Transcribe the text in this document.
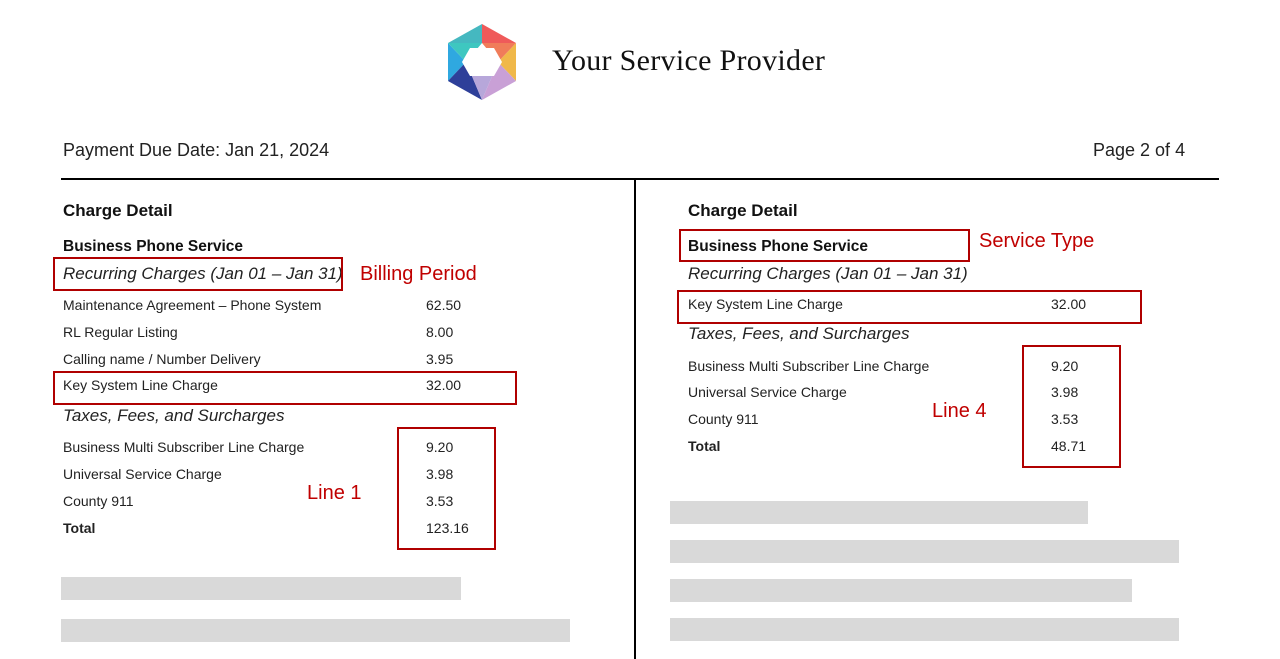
Your Service Provider
Payment Due Date: Jan 21, 2024	Page 2 of 4
Charge Detail
Business Phone Service
Recurring Charges (Jan 01 – Jan 31)
Maintenance Agreement – Phone System	62.50
RL Regular Listing	8.00
Calling name / Number Delivery	3.95
Key System Line Charge	32.00
Taxes, Fees, and Surcharges
Business Multi Subscriber Line Charge	9.20
Universal Service Charge	3.98
County 911	3.53
Total	123.16
Billing Period
Line 1
Charge Detail
Business Phone Service
Recurring Charges (Jan 01 – Jan 31)
Key System Line Charge	32.00
Taxes, Fees, and Surcharges
Business Multi Subscriber Line Charge	9.20
Universal Service Charge	3.98
County 911	3.53
Total	48.71
Service Type
Line 4
